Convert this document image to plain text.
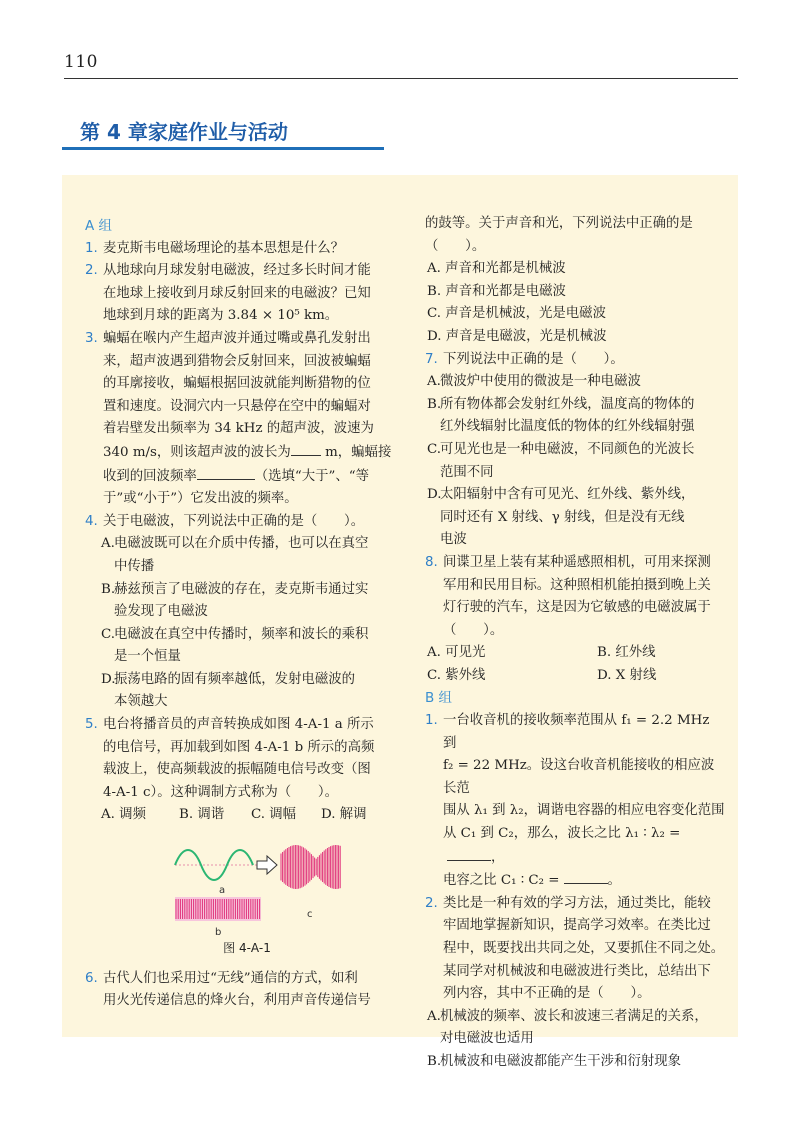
110
第 4 章家庭作业与活动
A 组
1. 麦克斯韦电磁场理论的基本思想是什么？
2. 从地球向月球发射电磁波，经过多长时间才能
在地球上接收到月球反射回来的电磁波？已知
地球到月球的距离为 3.84 × 10⁵ km。
3. 蝙蝠在喉内产生超声波并通过嘴或鼻孔发射出
来，超声波遇到猎物会反射回来，回波被蝙蝠
的耳廓接收，蝙蝠根据回波就能判断猎物的位
置和速度。设洞穴内一只悬停在空中的蝙蝠对
着岩壁发出频率为 34 kHz 的超声波，波速为
340 m/s，则该超声波的波长为 m，蝙蝠接
收到的回波频率	（选填“大于”、“等
于”或“小于”）它发出波的频率。
4. 关于电磁波，下列说法中正确的是（　　）。
A. 电磁波既可以在介质中传播，也可以在真空
中传播
B.
赫兹预言了电磁波的存在，麦克斯韦通过实
验发现了电磁波
C.
电磁波在真空中传播时，频率和波长的乘积
是一个恒量
D.
振荡电路的固有频率越低，发射电磁波的
本领越大
5. 电台将播音员的声音转换成如图 4-A-1 a 所示
的电信号，再加载到如图 4-A-1 b 所示的高频
载波上，使高频载波的振幅随电信号改变（图
4-A-1 c）。这种调制方式称为（　　）。
A. 调频	B. 调谐	C. 调幅	D. 解调
a
b
c
图 4-A-1
6. 古代人们也采用过“无线”通信的方式，如利
用火光传递信息的烽火台，利用声音传递信号
的鼓等。关于声音和光，下列说法中正确的是
（　　）。
A. 声音和光都是机械波
B. 声音和光都是电磁波
C. 声音是机械波，光是电磁波
D. 声音是电磁波，光是机械波
7. 下列说法中正确的是（　　）。
A. 微波炉中使用的微波是一种电磁波
B.
所有物体都会发射红外线，温度高的物体的
红外线辐射比温度低的物体的红外线辐射强
C.
可见光也是一种电磁波，不同颜色的光波长
范围不同
D.
太阳辐射中含有可见光、红外线、紫外线，
同时还有 X 射线、γ 射线，但是没有无线
电波
8. 间谍卫星上装有某种遥感照相机，可用来探测
军用和民用目标。这种照相机能拍摄到晚上关
灯行驶的汽车，这是因为它敏感的电磁波属于
（　　）。
A. 可见光	B. 红外线
C. 紫外线	D. X 射线
B 组
1. 一台收音机的接收频率范围从 f₁ = 2.2 MHz 到
f₂ = 22 MHz。设这台收音机能接收的相应波长范
围从 λ₁ 到 λ₂，调谐电容器的相应电容变化范围
从 C₁ 到 C₂，那么，波长之比 λ₁ ∶ λ₂ =，
电容之比 C₁ ∶ C₂ =	。
2. 类比是一种有效的学习方法，通过类比，能较
牢固地掌握新知识，提高学习效率。在类比过
程中，既要找出共同之处，又要抓住不同之处。
某同学对机械波和电磁波进行类比，总结出下
列内容，其中不正确的是（　　）。
A. 机械波的频率、波长和波速三者满足的关系，
对电磁波也适用
B.
机械波和电磁波都能产生干涉和衍射现象
